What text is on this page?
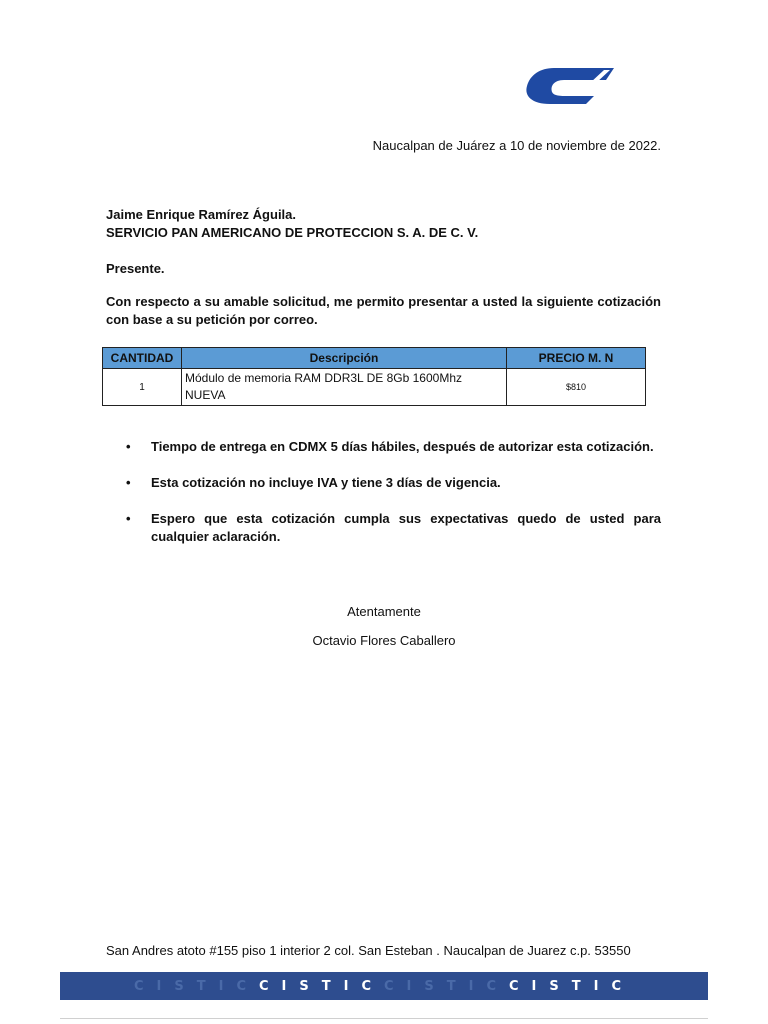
Naucalpan de Juárez a 10 de noviembre de 2022.
Jaime Enrique Ramírez Águila.
SERVICIO PAN AMERICANO DE PROTECCION S. A. DE C. V.
Presente.
Con respecto a su amable solicitud, me permito presentar a usted la siguiente cotización con base a su petición por correo.
CANTIDAD	Descripción	PRECIO M. N
1	Módulo de memoria RAM DDR3L DE 8Gb 1600Mhz NUEVA	$810
• Tiempo de entrega en CDMX 5 días hábiles, después de autorizar esta cotización.
• Esta cotización no incluye IVA y tiene 3 días de vigencia.
• Espero que esta cotización cumpla sus expectativas quedo de usted para cualquier aclaración.
Atentamente
Octavio Flores Caballero
San Andres atoto #155 piso 1 interior 2 col. San Esteban . Naucalpan de Juarez c.p. 53550
CISTIC CISTIC CISTIC CISTIC
